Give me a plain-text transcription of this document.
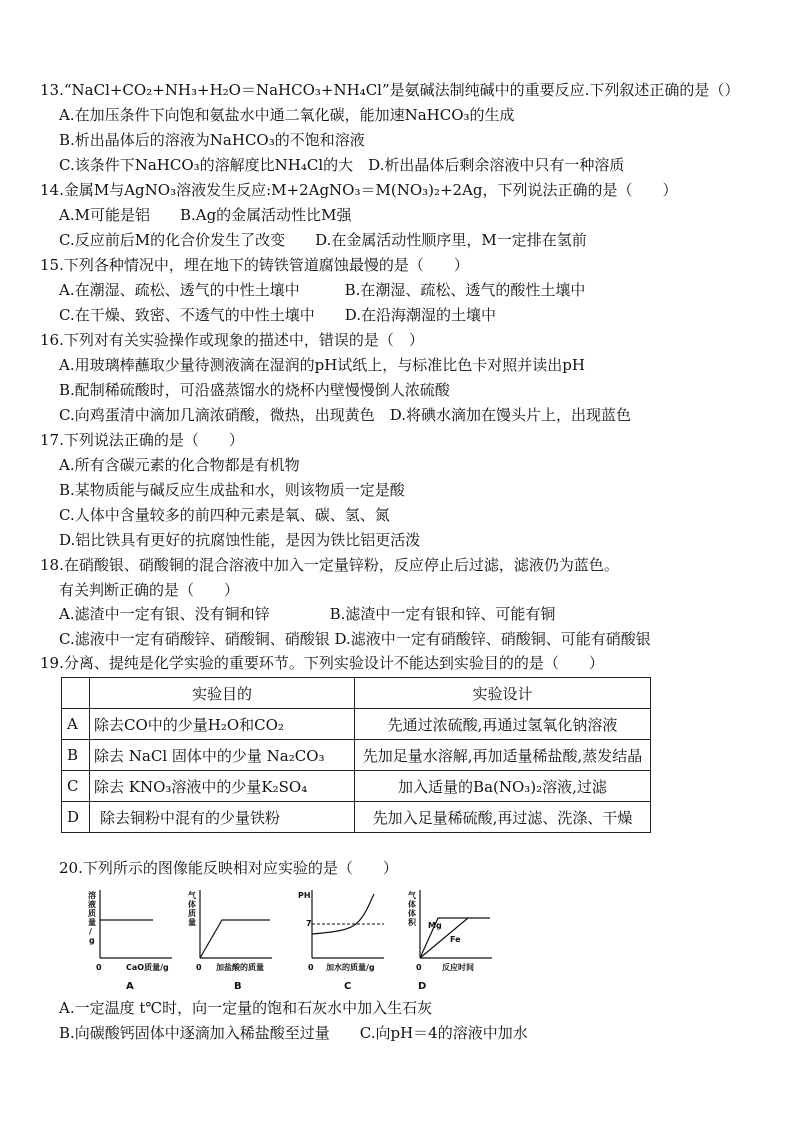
13.“NaCl+CO₂+NH₃+H₂O＝NaHCO₃+NH₄Cl”是氨碱法制纯碱中的重要反应.下列叙述正确的是（）
A.在加压条件下向饱和氨盐水中通二氧化碳，能加速NaHCO₃的生成
B.析出晶体后的溶液为NaHCO₃的不饱和溶液
C.该条件下NaHCO₃的溶解度比NH₄Cl的大　D.析出晶体后剩余溶液中只有一种溶质
14.金属M与AgNO₃溶液发生反应:M+2AgNO₃＝M(NO₃)₂+2Ag，下列说法正确的是（　　）
A.M可能是铝　　B.Ag的金属活动性比M强
C.反应前后M的化合价发生了改变　　D.在金属活动性顺序里，M一定排在氢前
15.下列各种情况中，埋在地下的铸铁管道腐蚀最慢的是（　　）
A.在潮湿、疏松、透气的中性土壤中　　　B.在潮湿、疏松、透气的酸性土壤中
C.在干燥、致密、不透气的中性土壤中　　D.在沿海潮湿的土壤中
16.下列对有关实验操作或现象的描述中，错误的是（　）
A.用玻璃棒蘸取少量待测液滴在湿润的pH试纸上，与标准比色卡对照并读出pH
B.配制稀硫酸时，可沿盛蒸馏水的烧杯内壁慢慢倒人浓硫酸
C.向鸡蛋清中滴加几滴浓硝酸，微热，出现黄色　D.将碘水滴加在馒头片上，出现蓝色
17.下列说法正确的是（　　）
A.所有含碳元素的化合物都是有机物
B.某物质能与碱反应生成盐和水，则该物质一定是酸
C.人体中含量较多的前四种元素是氧、碳、氢、氮
D.铝比铁具有更好的抗腐蚀性能，是因为铁比铝更活泼
18.在硝酸银、硝酸铜的混合溶液中加入一定量锌粉，反应停止后过滤，滤液仍为蓝色。
有关判断正确的是（　　）
A.滤渣中一定有银、没有铜和锌　　　　B.滤渣中一定有银和锌、可能有铜
C.滤液中一定有硝酸锌、硝酸铜、硝酸银 D.滤液中一定有硝酸锌、硝酸铜、可能有硝酸银
19.分离、提纯是化学实验的重要环节。下列实验设计不能达到实验目的的是（　　）
	实验目的	实验设计
A	除去CO中的少量H₂O和CO₂	先通过浓硫酸,再通过氢氧化钠溶液
B	除去 NaCl 固体中的少量 Na₂CO₃	先加足量水溶解,再加适量稀盐酸,蒸发结晶
C	除去 KNO₃溶液中的少量K₂SO₄	加入适量的Ba(NO₃)₂溶液,过滤
D	除去铜粉中混有的少量铁粉	先加入足量稀硫酸,再过滤、洗涤、干燥
20.下列所示的图像能反映相对应实验的是（　　）
溶
液
质
量
/
g
0	CaO质量/g
A
气
体
质
量
0 加盐酸的质量
B
PH
7
0 加水的质量/g
C
气
体
体
积 Mg
Fe
0	反应时间
D
A.一定温度 t℃时，向一定量的饱和石灰水中加入生石灰
B.向碳酸钙固体中逐滴加入稀盐酸至过量　　C.向pH＝4的溶液中加水
